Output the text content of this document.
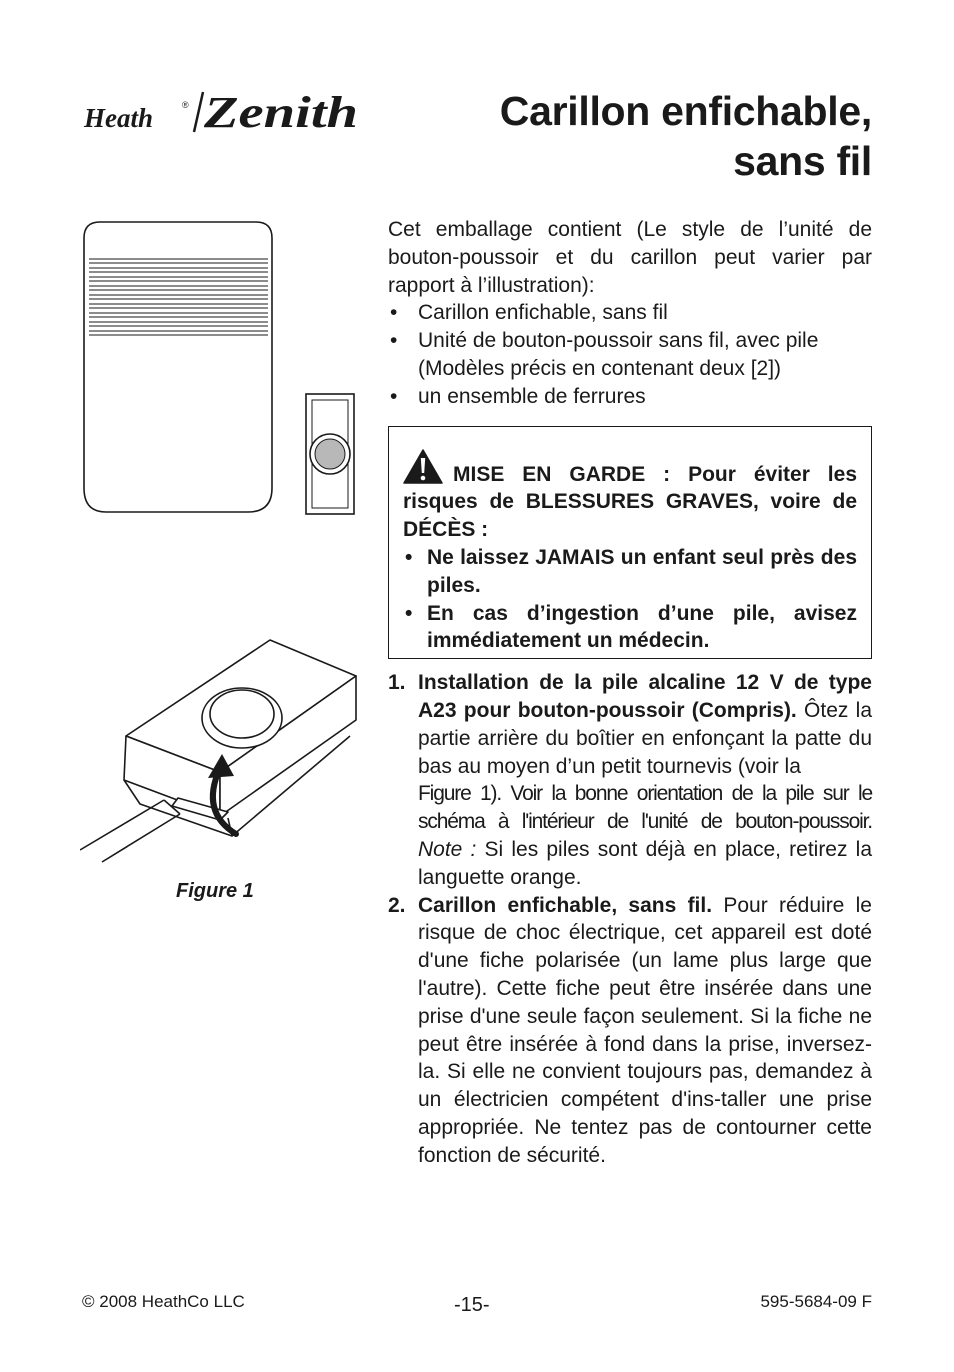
Heath	® Zenith	Carillon enfichable,
sans fil

Figure 1

Cet emballage contient (Le style de l’unité de bouton-poussoir et du carillon peut varier par rapport à l’illustration):

• Carillon enfichable, sans fil
• Unité de bouton-poussoir sans fil, avec pile (Modèles précis en contenant deux [2])
• un ensemble de ferrures

MISE EN GARDE : Pour éviter les risques de BLESSURES GRAVES, voire de DÉCÈS :

• Ne laissez JAMAIS un enfant seul près des piles.
• En cas d’ingestion d’une pile, avisez immédiatement un médecin.
1. Installation de la pile alcaline 12 V de type A23 pour bouton-poussoir (Compris). Ôtez la partie arrière du boîtier en enfonçant la patte du bas au moyen d’un petit tournevis (voir la

Figure 1). Voir la bonne orientation de la pile sur le

schéma à l'intérieur de l'unité de bouton-poussoir.

Note : Si les piles sont déjà en place, retirez la languette orange.

2. Carillon enfichable, sans fil. Pour réduire le risque de choc électrique, cet appareil est doté d'une fiche polarisée (un lame plus large que l'autre). Cette fiche peut être insérée dans une prise d'une seule façon seulement. Si la fiche ne peut être insérée à fond dans la prise, inversez-la. Si elle ne convient toujours pas, demandez à un électricien compétent d'ins-taller une prise appropriée. Ne tentez pas de contourner cette fonction de sécurité.

© 2008 HeathCo LLC	-15-	595-5684-09 F
